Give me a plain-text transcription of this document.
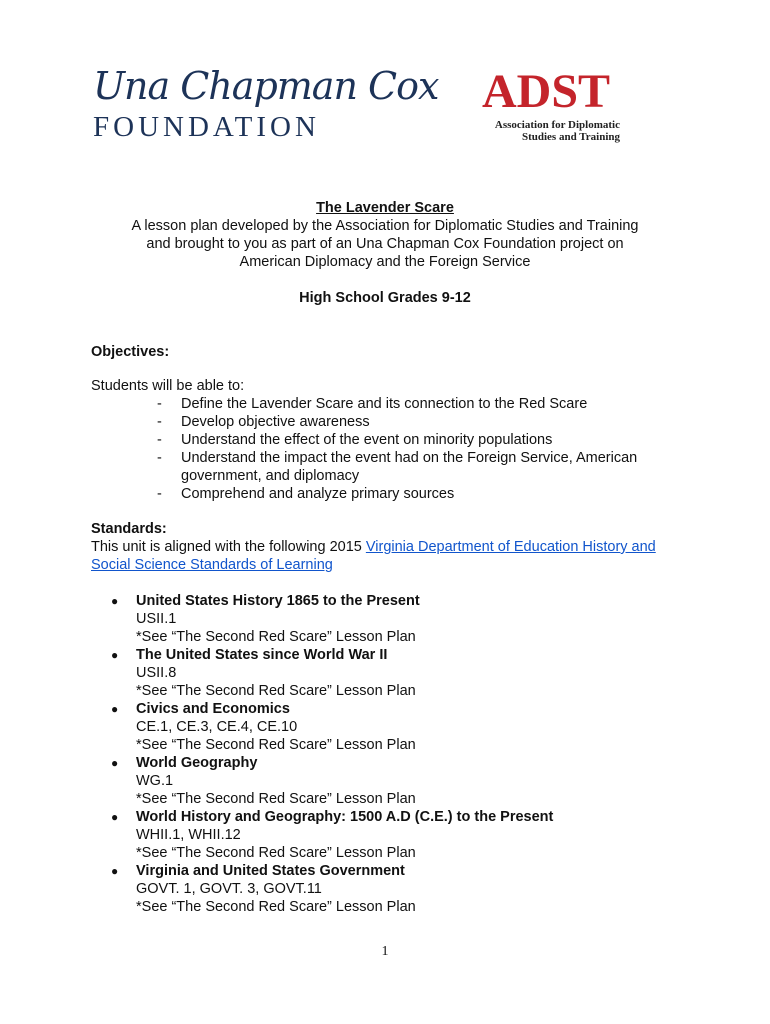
Una Chapman Cox
FOUNDATION
ADST
Association for Diplomatic
Studies and Training
The Lavender Scare
A lesson plan developed by the Association for Diplomatic Studies and Training
and brought to you as part of an Una Chapman Cox Foundation project on
American Diplomacy and the Foreign Service
High School Grades 9-12
Objectives:
Students will be able to:
- Define the Lavender Scare and its connection to the Red Scare
- Develop objective awareness
- Understand the effect of the event on minority populations
- Understand the impact the event had on the Foreign Service, American government, and diplomacy
- Comprehend and analyze primary sources
Standards:
This unit is aligned with the following 2015 Virginia Department of Education History and Social Science Standards of Learning
● United States History 1865 to the Present
USII.1
*See “The Second Red Scare” Lesson Plan
● The United States since World War II
USII.8
*See “The Second Red Scare” Lesson Plan
● Civics and Economics
CE.1, CE.3, CE.4, CE.10
*See “The Second Red Scare” Lesson Plan
● World Geography
WG.1
*See “The Second Red Scare” Lesson Plan
● World History and Geography: 1500 A.D (C.E.) to the Present
WHII.1, WHII.12
*See “The Second Red Scare” Lesson Plan
● Virginia and United States Government
GOVT. 1, GOVT. 3, GOVT.11
*See “The Second Red Scare” Lesson Plan
1
